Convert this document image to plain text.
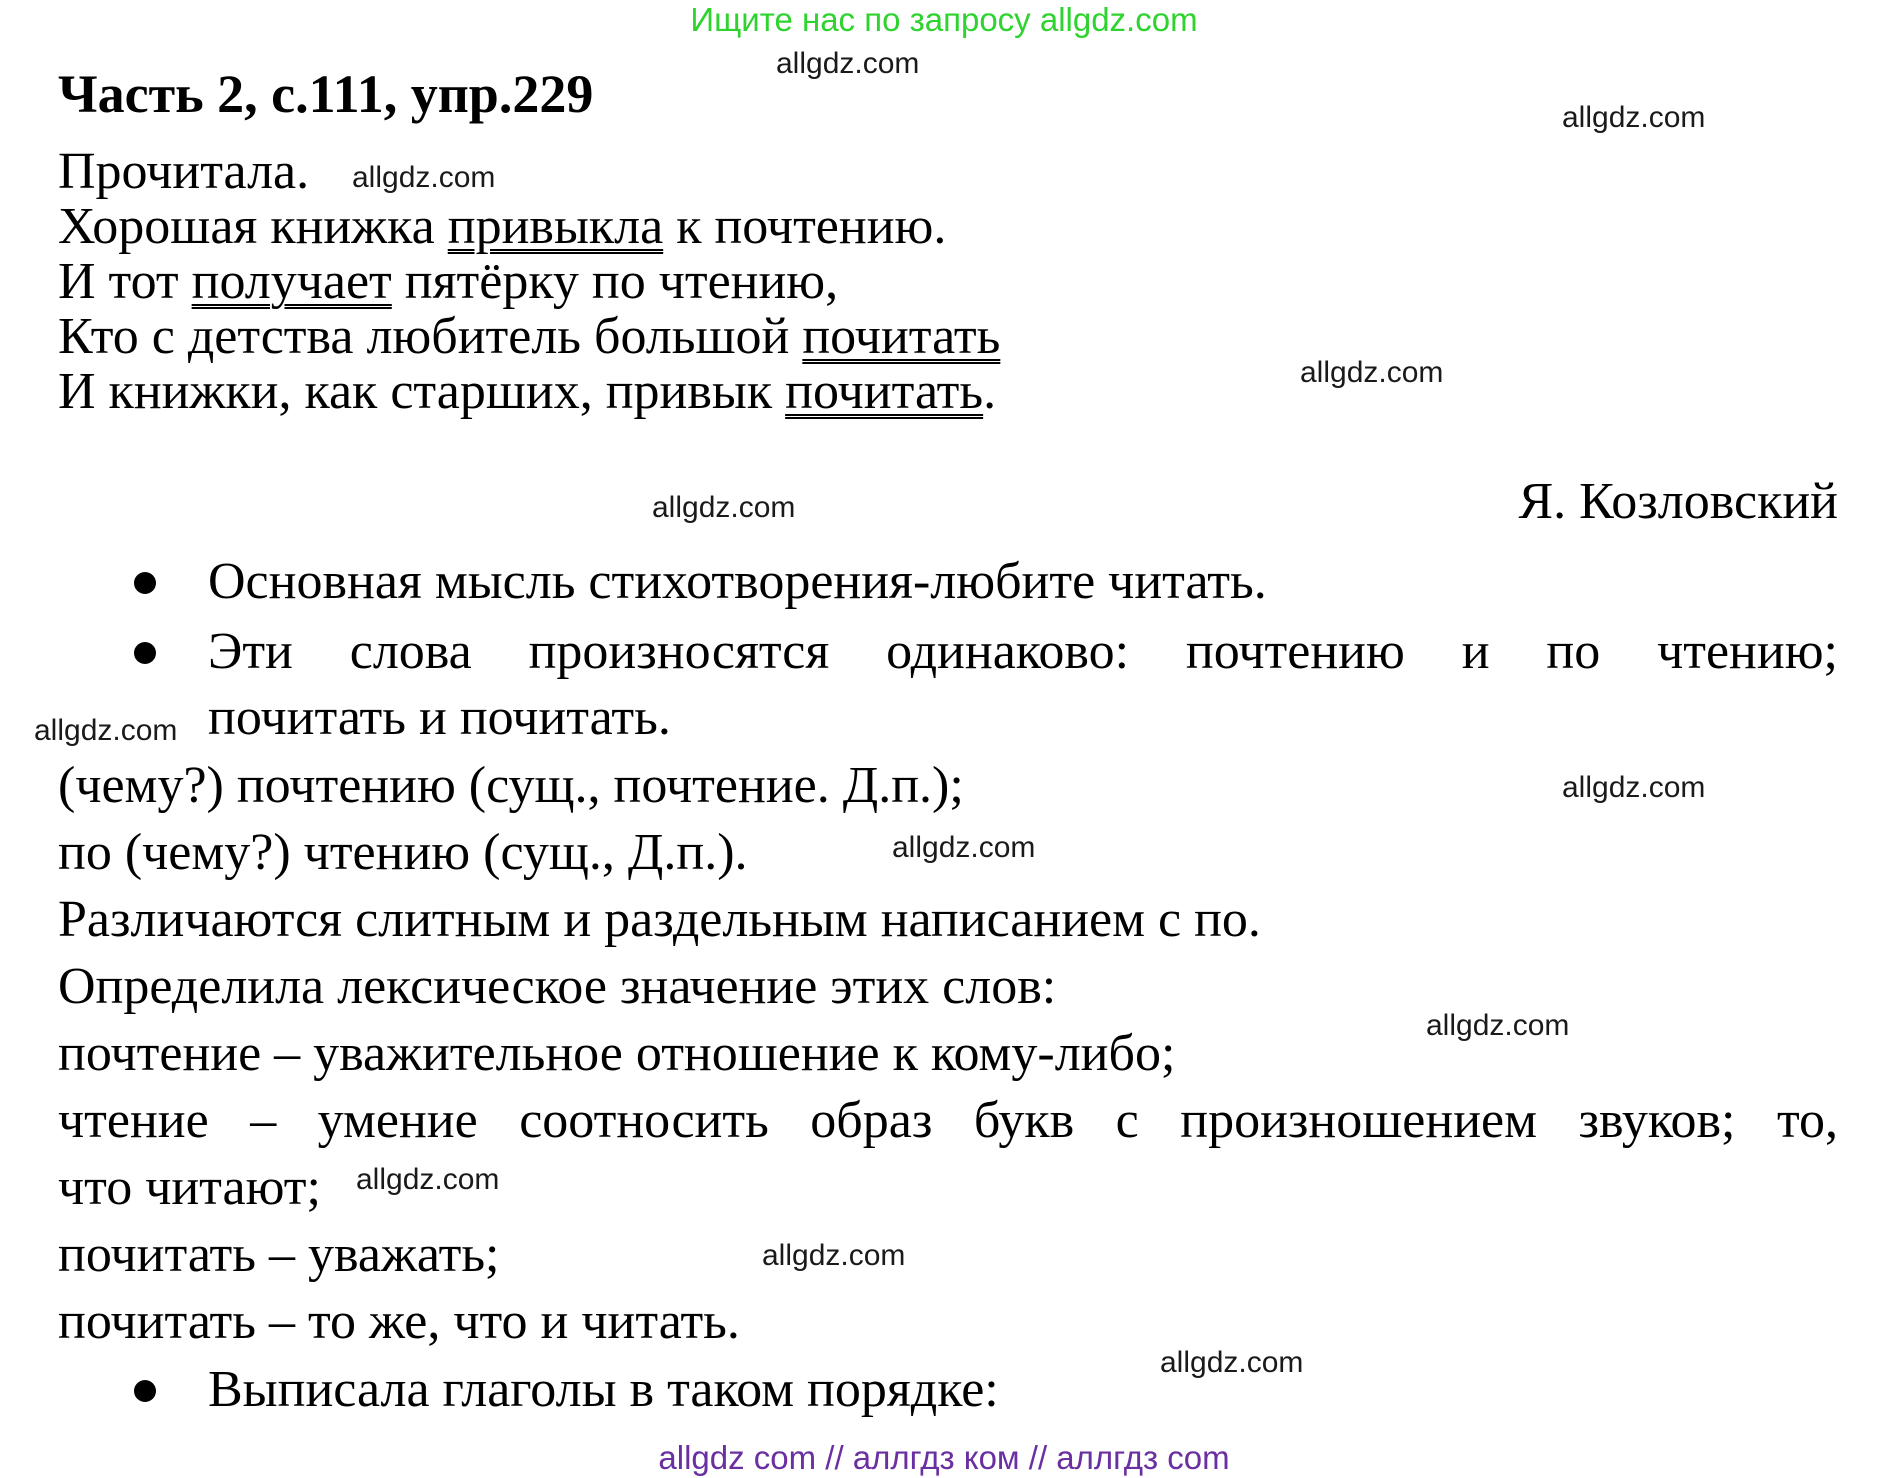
Ищите нас по запросу allgdz.com
Часть 2, с.111, упр.229
Прочитала.
Хорошая книжка привыкла к почтению.
И тот получает пятёрку по чтению,
Кто с детства любитель большой почитать
И книжки, как старших, привык почитать.
Я. Козловский
Основная мысль стихотворения-любите читать.
Эти слова произносятся одинаково: почтению и по чтению;
почитать и почитать.
(чему?) почтению (сущ., почтение. Д.п.);
по (чему?) чтению (сущ., Д.п.).
Различаются слитным и раздельным написанием с по.
Определила лексическое значение этих слов:
почтение – уважительное отношение к кому-либо;
чтение – умение соотносить образ букв с произношением звуков; то,
что читают;
почитать – уважать;
почитать – то же, что и читать.
Выписала глаголы в таком порядке:
allgdz.com
allgdz.com
allgdz.com
allgdz.com
allgdz.com
allgdz.com
allgdz.com
allgdz.com
allgdz.com
allgdz.com
allgdz.com
allgdz.com
allgdz com // аллгдз ком // аллгдз com
